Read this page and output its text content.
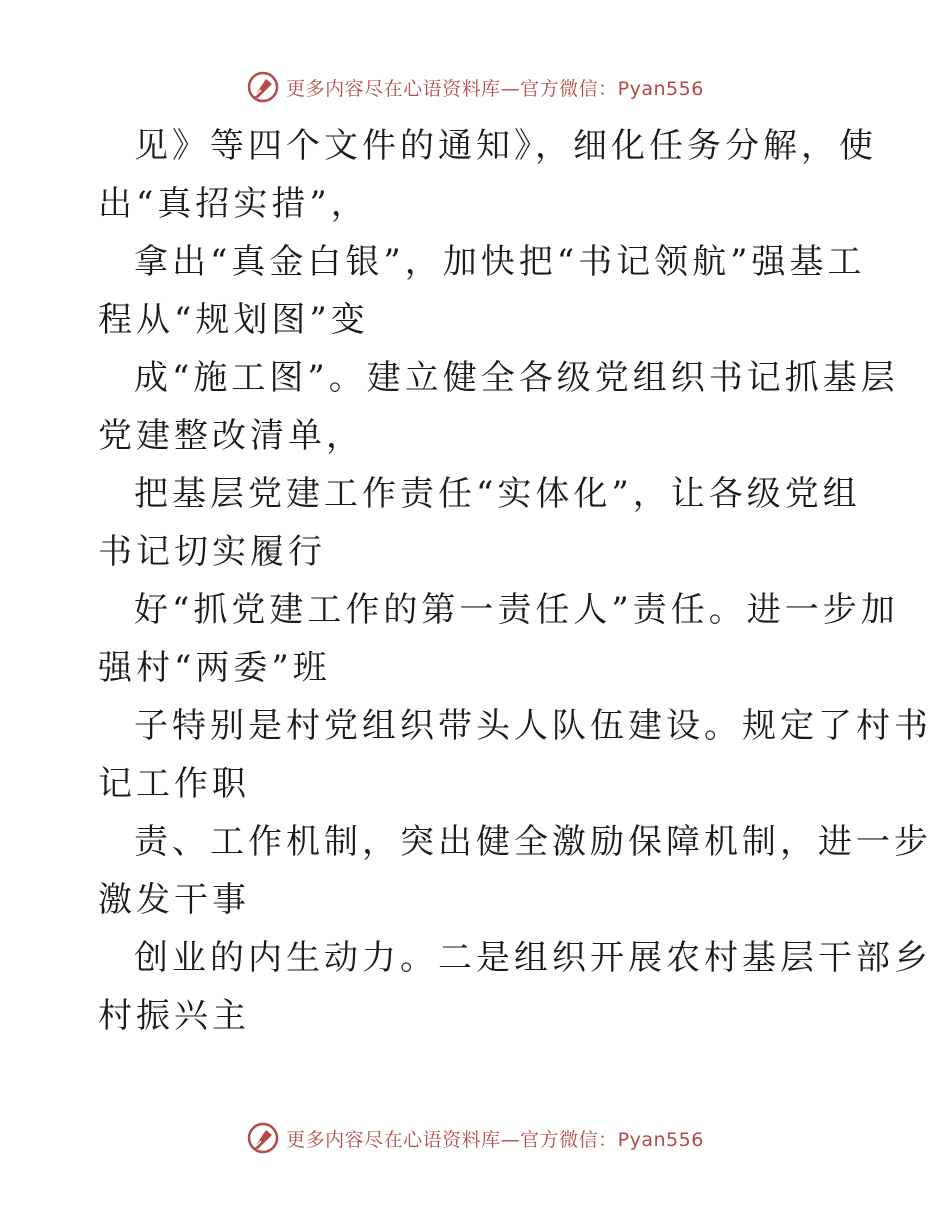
更多内容尽在心语资料库—官方微信：Pyan556
见》等四个文件的通知》，细化任务分解，使
出“真招实措”，
拿出“真金白银”，加快把“书记领航”强基工
程从“规划图”变
成“施工图”。建立健全各级党组织书记抓基层
党建整改清单，
把基层党建工作责任“实体化”，让各级党组
书记切实履行
好“抓党建工作的第一责任人”责任。进一步加
强村“两委”班
子特别是村党组织带头人队伍建设。规定了村书
记工作职
责、工作机制，突出健全激励保障机制，进一步
激发干事
创业的内生动力。二是组织开展农村基层干部乡
村振兴主
更多内容尽在心语资料库—官方微信：Pyan556
